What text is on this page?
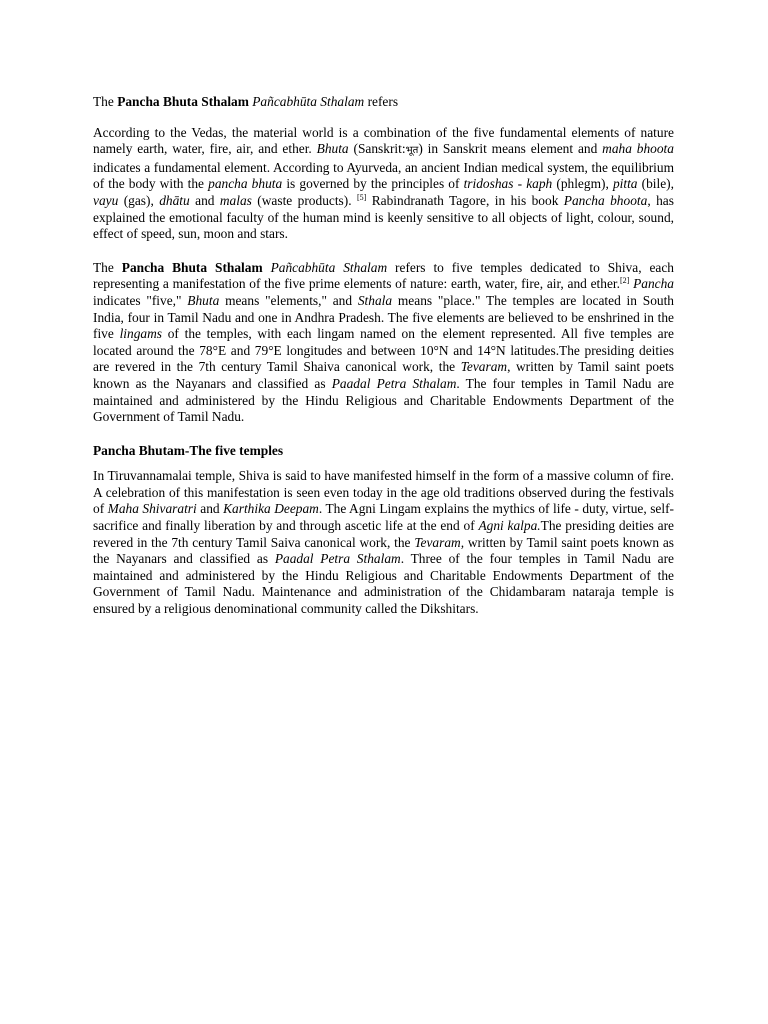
The Pancha Bhuta Sthalam Pañcabhūta Sthalam refers

According to the Vedas, the material world is a combination of the five fundamental elements of nature namely earth, water, fire, air, and ether. Bhuta (Sanskrit:भूत) in Sanskrit means element and maha bhoota indicates a fundamental element. According to Ayurveda, an ancient Indian medical system, the equilibrium of the body with the pancha bhuta is governed by the principles of tridoshas - kaph (phlegm), pitta (bile), vayu (gas), dhātu and malas (waste products). [5] Rabindranath Tagore, in his book Pancha bhoota, has explained the emotional faculty of the human mind is keenly sensitive to all objects of light, colour, sound, effect of speed, sun, moon and stars.

The Pancha Bhuta Sthalam Pañcabhūta Sthalam refers to five temples dedicated to Shiva, each representing a manifestation of the five prime elements of nature: earth, water, fire, air, and ether.[2] Pancha indicates "five," Bhuta means "elements," and Sthala means "place." The temples are located in South India, four in Tamil Nadu and one in Andhra Pradesh. The five elements are believed to be enshrined in the five lingams of the temples, with each lingam named on the element represented. All five temples are located around the 78°E and 79°E longitudes and between 10°N and 14°N latitudes.The presiding deities are revered in the 7th century Tamil Shaiva canonical work, the Tevaram, written by Tamil saint poets known as the Nayanars and classified as Paadal Petra Sthalam. The four temples in Tamil Nadu are maintained and administered by the Hindu Religious and Charitable Endowments Department of the Government of Tamil Nadu.

Pancha Bhutam-The five temples

In Tiruvannamalai temple, Shiva is said to have manifested himself in the form of a massive column of fire. A celebration of this manifestation is seen even today in the age old traditions observed during the festivals of Maha Shivaratri and Karthika Deepam. The Agni Lingam explains the mythics of life - duty, virtue, self-sacrifice and finally liberation by and through ascetic life at the end of Agni kalpa.The presiding deities are revered in the 7th century Tamil Saiva canonical work, the Tevaram, written by Tamil saint poets known as the Nayanars and classified as Paadal Petra Sthalam. Three of the four temples in Tamil Nadu are maintained and administered by the Hindu Religious and Charitable Endowments Department of the Government of Tamil Nadu. Maintenance and administration of the Chidambaram nataraja temple is ensured by a religious denominational community called the Dikshitars.
